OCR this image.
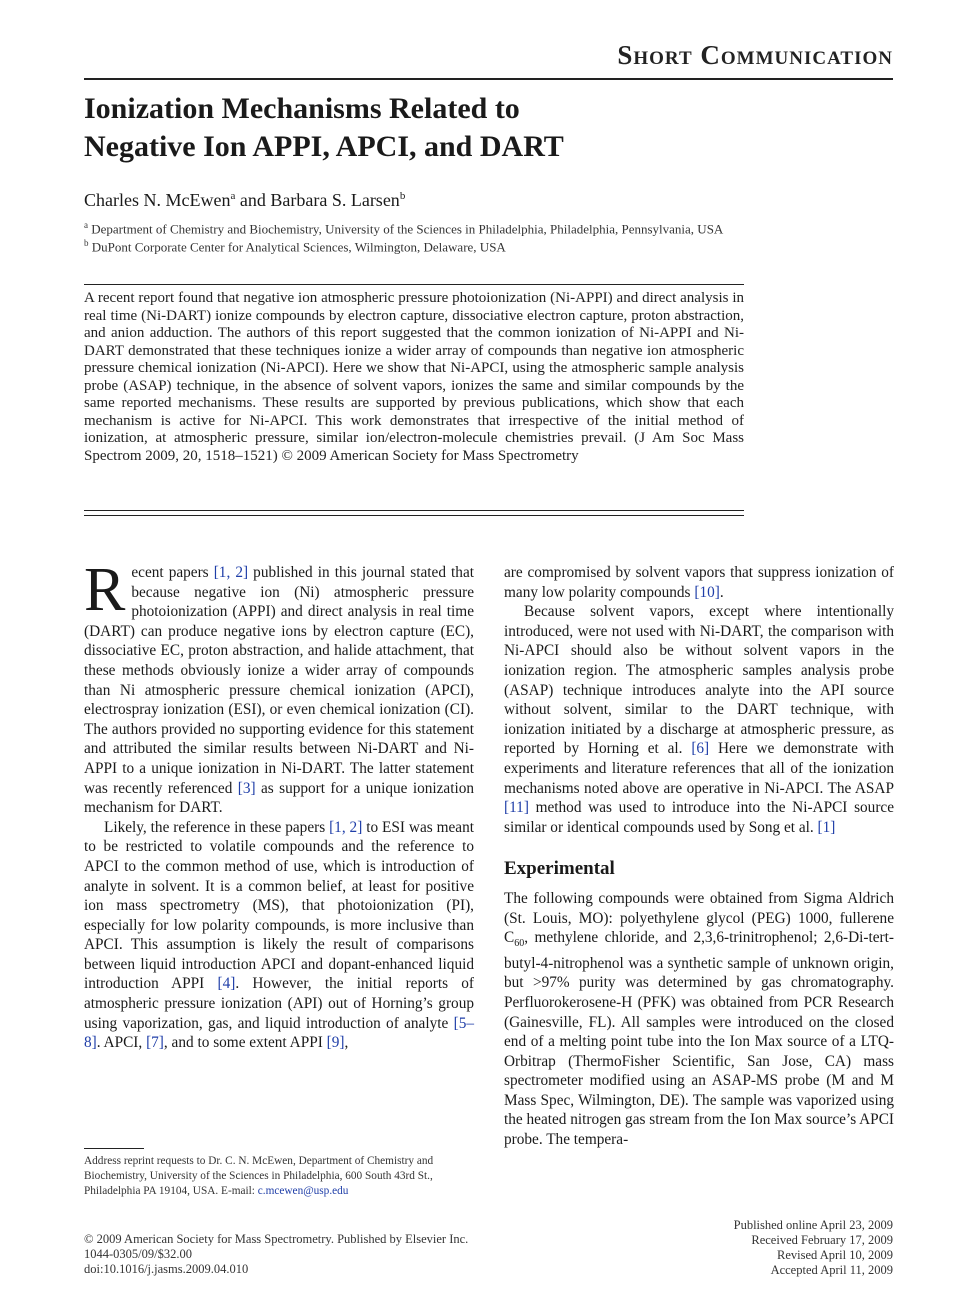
Short Communication
Ionization Mechanisms Related to
Negative Ion APPI, APCI, and DART
Charles N. McEwen$^a$ and Barbara S. Larsen$^b$
$^a$ Department of Chemistry and Biochemistry, University of the Sciences in Philadelphia, Philadelphia, Pennsylvania, USA
$^b$ DuPont Corporate Center for Analytical Sciences, Wilmington, Delaware, USA
A recent report found that negative ion atmospheric pressure photoionization (Ni-APPI) and direct analysis in real time (Ni-DART) ionize compounds by electron capture, dissociative electron capture, proton abstraction, and anion adduction. The authors of this report suggested that the common ionization of Ni-APPI and Ni-DART demonstrated that these techniques ionize a wider array of compounds than negative ion atmospheric pressure chemical ionization (Ni-APCI). Here we show that Ni-APCI, using the atmospheric sample analysis probe (ASAP) technique, in the absence of solvent vapors, ionizes the same and similar compounds by the same reported mechanisms. These results are supported by previous publications, which show that each mechanism is active for Ni-APCI. This work demonstrates that irrespective of the initial method of ionization, at atmospheric pressure, similar ion/electron-molecule chemistries prevail. (J Am Soc Mass Spectrom 2009, 20, 1518–1521) © 2009 American Society for Mass Spectrometry

Recent papers [1, 2] published in this journal stated that because negative ion (Ni) atmospheric pressure photoionization (APPI) and direct analysis in real time (DART) can produce negative ions by electron capture (EC), dissociative EC, proton abstraction, and halide attachment, that these methods obviously ionize a wider array of compounds than Ni atmospheric pressure chemical ionization (APCI), electrospray ionization (ESI), or even chemical ionization (CI). The authors provided no supporting evidence for this statement and attributed the similar results between Ni-DART and Ni-APPI to a unique ionization in Ni-DART. The latter statement was recently referenced [3] as support for a unique ionization mechanism for DART.

Likely, the reference in these papers [1, 2] to ESI was meant to be restricted to volatile compounds and the reference to APCI to the common method of use, which is introduction of analyte in solvent. It is a common belief, at least for positive ion mass spectrometry (MS), that photoionization (PI), especially for low polarity compounds, is more inclusive than APCI. This assumption is likely the result of comparisons between liquid introduction APCI and dopant-enhanced liquid introduction APPI [4]. However, the initial reports of atmospheric pressure ionization (API) out of Horning’s group using vaporization, gas, and liquid introduction of analyte [5–8]. APCI, [7], and to some extent APPI [9],

are compromised by solvent vapors that suppress ionization of many low polarity compounds [10].

Because solvent vapors, except where intentionally introduced, were not used with Ni-DART, the comparison with Ni-APCI should also be without solvent vapors in the ionization region. The atmospheric samples analysis probe (ASAP) technique introduces analyte into the API source without solvent, similar to the DART technique, with ionization initiated by a discharge at atmospheric pressure, as reported by Horning et al. [6] Here we demonstrate with experiments and literature references that all of the ionization mechanisms noted above are operative in Ni-APCI. The ASAP [11] method was used to introduce into the Ni-APCI source similar or identical compounds used by Song et al. [1]

Experimental

The following compounds were obtained from Sigma Aldrich (St. Louis, MO): polyethylene glycol (PEG) 1000, fullerene $C_{60}$, methylene chloride, and 2,3,6-trinitrophenol; 2,6-Di-tert-butyl-4-nitrophenol was a synthetic sample of unknown origin, but >97% purity was determined by gas chromatography. Perfluorokerosene-H (PFK) was obtained from PCR Research (Gainesville, FL). All samples were introduced on the closed end of a melting point tube into the Ion Max source of a LTQ-Orbitrap (ThermoFisher Scientific, San Jose, CA) mass spectrometer modified using an ASAP-MS probe (M and M Mass Spec, Wilmington, DE). The sample was vaporized using the heated nitrogen gas stream from the Ion Max source’s APCI probe. The tempera-

Address reprint requests to Dr. C. N. McEwen, Department of Chemistry and Biochemistry, University of the Sciences in Philadelphia, 600 South 43rd St., Philadelphia PA 19104, USA. E-mail: c.mcewen@usp.edu
© 2009 American Society for Mass Spectrometry. Published by Elsevier Inc.
1044-0305/09/$32.00
doi:10.1016/j.jasms.2009.04.010
Published online April 23, 2009
Received February 17, 2009
Revised April 10, 2009
Accepted April 11, 2009
